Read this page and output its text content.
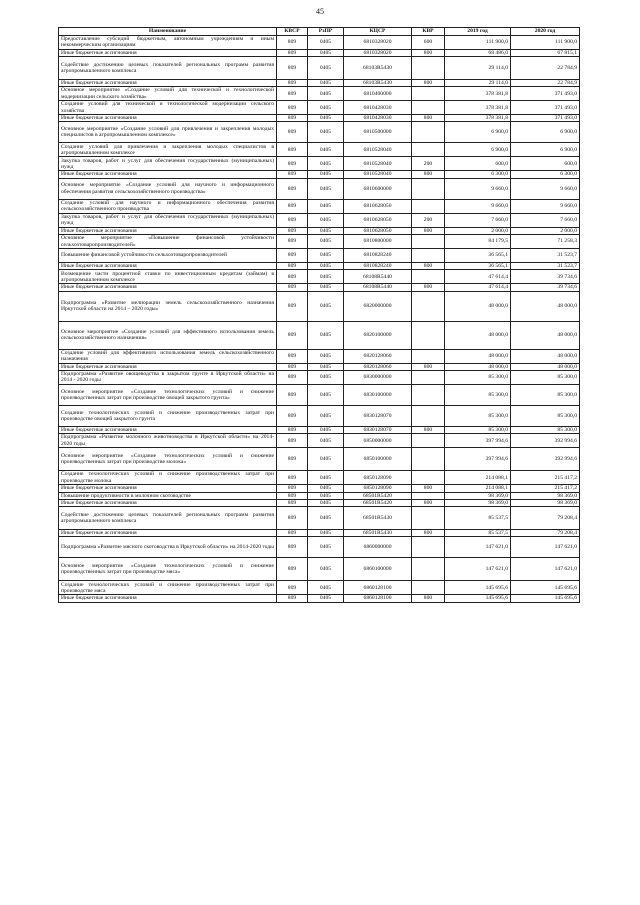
45
Наименование	КВСР	РзПР	КЦСР	КВР	2019 год	2020 год
Предоставление субсидий бюджетным, автономным учреждениям и иным некоммерческим организациям	809	0405	6810328020	600	111 900,0	111 900,0
Иные бюджетные ассигнования	809	0405	6810328020	800	68 486,0	67 815,1
Содействие достижению целевых показателей региональных программ развития агропромышленного комплекса	809	0405	68103R5430		29 114,0	22 784,9
Иные бюджетные ассигнования	809	0405	68103R5430	800	29 114,0	22 784,9
Основное мероприятие «Создание условий для технической и технологической модернизации сельского хозяйства»	809	0405	6810400000		378 381,8	371 493,0
Создание условий для технической и технологической модернизации сельского хозяйства	809	0405	6810428030		378 381,8	371 493,0
Иные бюджетные ассигнования	809	0405	6810428030	800	378 381,8	371 493,0
Основное мероприятие «Создание условий для привлечения и закрепления молодых специалистов в агропромышленном комплексе»	809	0405	6810500000		6 900,0	6 900,0
Создание условий для привлечения и закрепления молодых специалистов в агропромышленном комплексе	809	0405	6810528040		6 900,0	6 900,0
Закупка товаров, работ и услуг для обеспечения государственных (муниципальных) нужд	809	0405	6810528040	200	600,0	600,0
Иные бюджетные ассигнования	809	0405	6810528040	800	6 300,0	6 300,0
Основное мероприятие «Создание условий для научного и информационного обеспечения развития сельскохозяйственного производства»	809	0405	6810600000		9 660,0	9 660,0
Создание условий для научного и информационного обеспечения развития сельскохозяйственного производства	809	0405	6810628050		9 660,0	9 660,0
Закупка товаров, работ и услуг для обеспечения государственных (муниципальных) нужд	809	0405	6810628050	200	7 660,0	7 660,0
Иные бюджетные ассигнования	809	0405	6810628050	800	2 000,0	2 000,0
Основное мероприятие «Повышение финансовой устойчивости сельхозтоваропроизводителей»	809	0405	6810800000		84 179,5	71 258,3
Повышение финансовой устойчивости сельхозтоваропроизводителей	809	0405	6810828240		36 565,1	31 523,7
Иные бюджетные ассигнования	809	0405	6810828240	800	36 565,1	31 523,7
Возмещение части процентной ставки по инвестиционным кредитам (займам) в агропромышленном комплексе	809	0405	68108R5440		47 614,4	39 734,6
Иные бюджетные ассигнования	809	0405	68108R5440	800	47 614,4	39 734,6
Подпрограмма «Развитие мелиорации земель сельскохозяйственного назначения Иркутской области на 2014 – 2020 годы»	809	0405	6820000000		48 000,0	48 000,0
Основное мероприятие «Создание условий для эффективного использования земель сельскохозяйственного назначения»	809	0405	6820100000		48 000,0	48 000,0
Создание условий для эффективного использования земель сельскохозяйственного назначения	809	0405	6820128060		48 000,0	48 000,0
Иные бюджетные ассигнования	809	0405	6820128060	800	48 000,0	48 000,0
Подпрограмма «Развитие овощеводства в закрытом грунте в Иркутской области» на 2014 - 2020 годы	809	0405	6830000000		85 300,0	85 300,0
Основное мероприятие «Создание технологических условий и снижение производственных затрат при производстве овощей закрытого грунта»	809	0405	6830100000		85 300,0	85 300,0
Создание технологических условий и снижение производственных затрат при производстве овощей закрытого грунта	809	0405	6830128070		85 300,0	85 300,0
Иные бюджетные ассигнования	809	0405	6830128070	800	85 300,0	85 300,0
Подпрограмма «Развитие молочного животноводства в Иркутской области» на 2014-2020 годы	809	0405	6850000000		397 994,6	392 994,6
Основное мероприятие «Создание технологических условий и снижение производственных затрат при производстве молока»	809	0405	6850100000		397 994,6	392 994,6
Создание технологических условий и снижение производственных затрат при производстве молока	809	0405	6850128090		214 088,1	215 417,2
Иные бюджетные ассигнования	809	0405	6850128090	800	214 088,1	215 417,2
Повышение продуктивности в молочном скотоводстве	809	0405	68501R5420		98 369,0	98 369,0
Иные бюджетные ассигнования	809	0405	68501R5420	800	98 369,0	98 369,0
Содействие достижению целевых показателей региональных программ развития агропромышленного комплекса	809	0405	68501R5430		85 537,5	79 208,4
Иные бюджетные ассигнования	809	0405	68501R5430	800	85 537,5	79 208,4
Подпрограмма «Развитие мясного скотоводства в Иркутской области» на 2014-2020 годы	809	0405	6860000000		147 621,0	147 621,0
Основное мероприятие «Создание технологических условий и снижение производственных затрат при производстве мяса»	809	0405	6860100000		147 621,0	147 621,0
Создание технологических условий и снижение производственных затрат при производстве мяса	809	0405	6860128100		145 695,6	145 695,6
Иные бюджетные ассигнования	809	0405	6860128100	800	145 695,6	145 695,6
